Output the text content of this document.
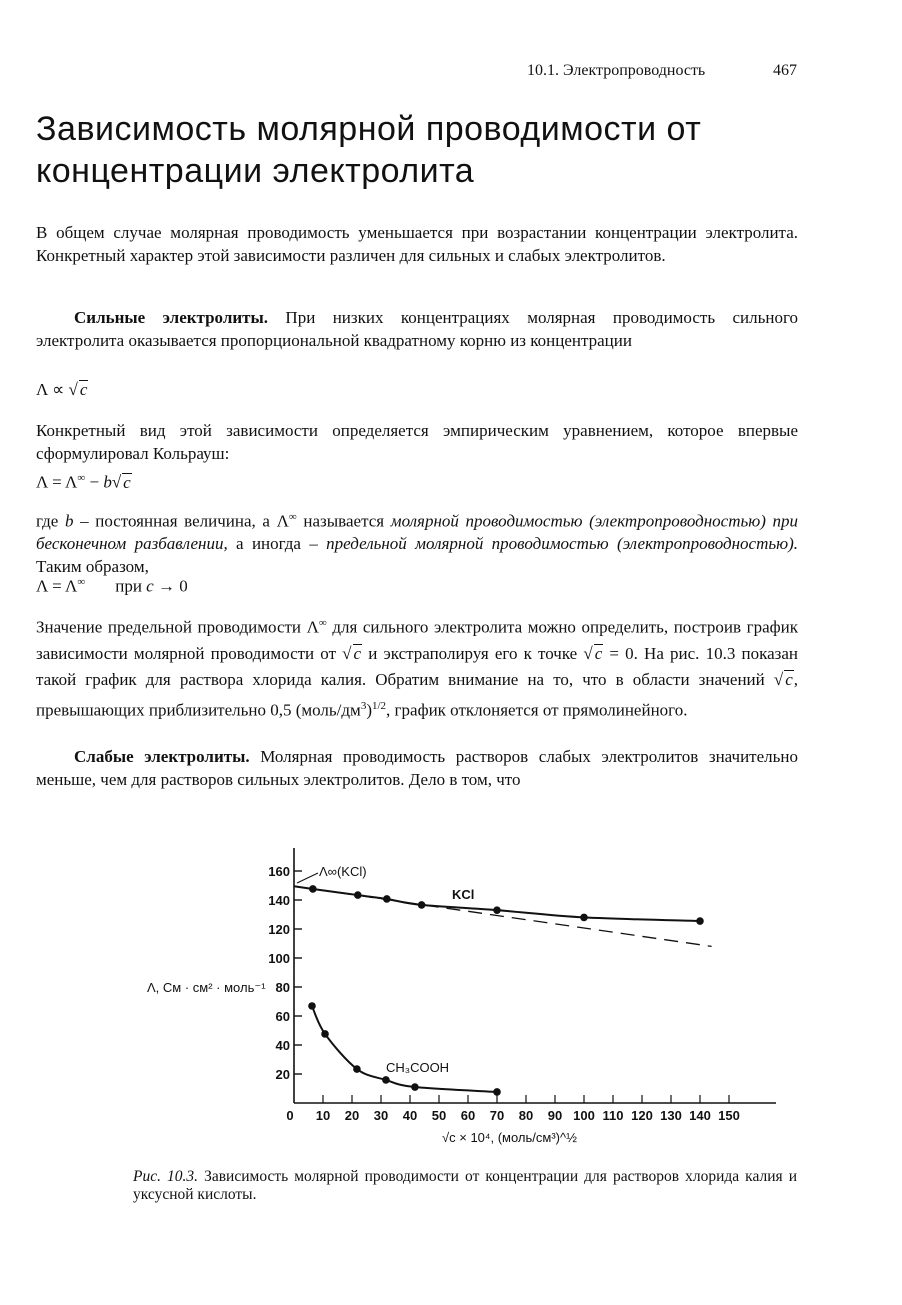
10.1. Электропроводность	467
Зависимость молярной проводимости от
концентрации электролита

В общем случае молярная проводимость уменьшается при возрастании концентрации электролита. Конкретный характер этой зависимости различен для сильных и слабых электролитов.

Сильные электролиты. При низких концентрациях молярная проводимость сильного электролита оказывается пропорциональной квадратному корню из концентрации

Λ ∝ √ c

Конкретный вид этой зависимости определяется эмпирическим уравнением, которое впервые сформулировал Кольрауш:

Λ = Λ∞ − b√ c

где b – постоянная величина, а Λ∞ называется молярной проводимостью (электропроводностью) при бесконечном разбавлении, а иногда – предельной молярной проводимостью (электропроводностью). Таким образом,

Λ = Λ∞ при c → 0

Значение предельной проводимости Λ∞ для сильного электролита можно определить, построив график зависимости молярной проводимости от √ c и экстраполируя его к точке √ c = 0. На рис. 10.3 показан такой график для раствора хлорида калия. Обратим внимание на то, что в области значений √ c, превышающих приблизительно 0,5 $(моль/дм^3)^{1/2}$, график отклоняется от прямолинейного.

Слабые электролиты. Молярная проводимость растворов слабых электролитов значительно меньше, чем для растворов сильных электролитов. Дело в том, что

20
40
60
80
100
120
140
160
0 10 20 30 40 50 60 70 80 90 100 110 120 130 140 150
Λ∞(KCl)
KCl
CH₃COOH
Λ, См · см² · моль⁻¹
√c × 10⁴, (моль/см³)^½
Рис. 10.3. Зависимость молярной проводимости от концентрации для растворов хлорида калия и уксусной кислоты.
